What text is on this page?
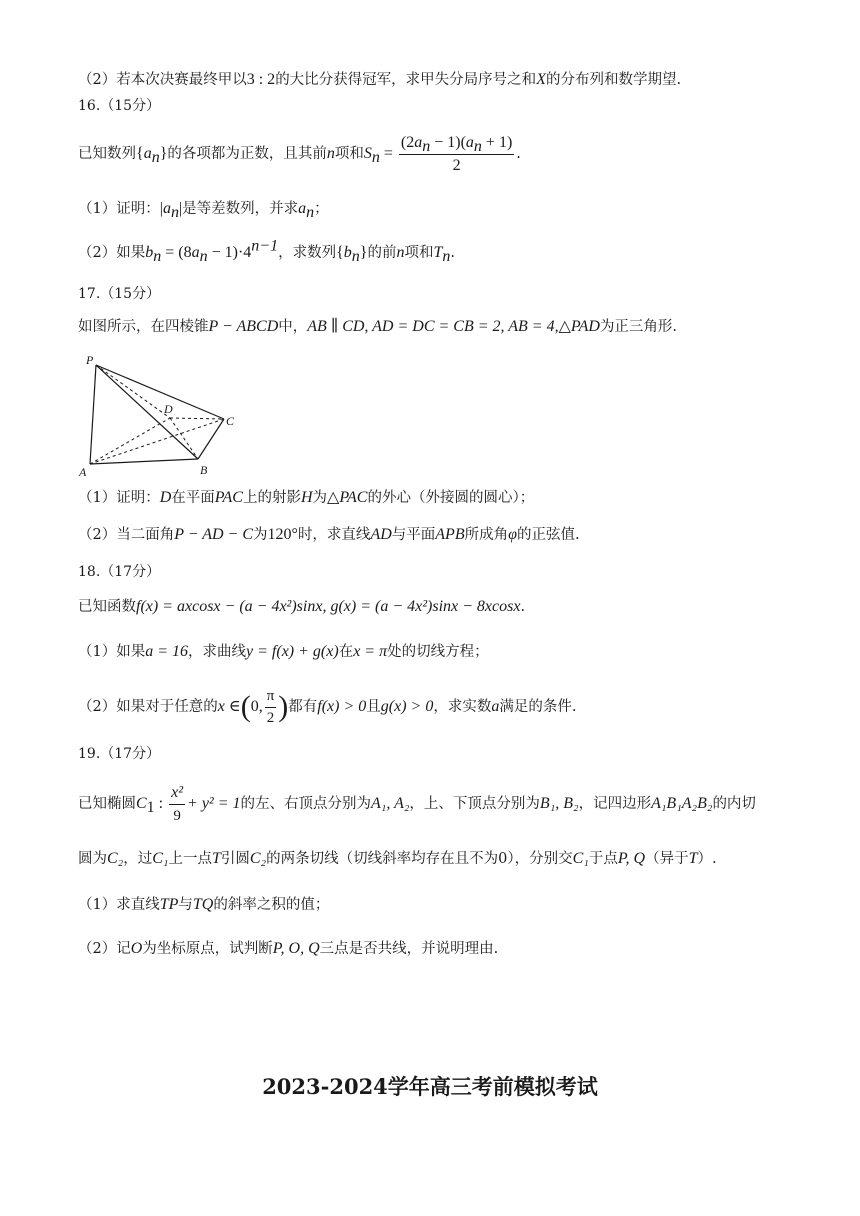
（2）若本次决赛最终甲以3 : 2的大比分获得冠军，求甲失分局序号之和X的分布列和数学期望.
16.（15分）
已知数列$\{a_n\}$的各项都为正数，且其前n项和$S_n = \frac{(2a_n - 1)(a_n + 1)}{2}$ .
（1）证明：$|a_n|$是等差数列，并求$a_n$；
（2）如果$b_n = (8a_n - 1)\cdot 4^{n-1}$，求数列$\{b_n\}$的前n项和$T_n$.
17.（15分）
如图所示，在四棱锥P − ABCD中，AB ∥ CD, AD = DC = CB = 2, AB = 4,△PAD为正三角形.
P
A	B
C
D
（1）证明：D在平面PAC上的射影H为△PAC的外心（外接圆的圆心）；
（2）当二面角P − AD − C为120°时，求直线AD与平面APB所成角φ的正弦值.
18.（17分）
已知函数f(x) = axcosx − (a − 4x²)sinx, g(x) = (a − 4x²)sinx − 8xcosx.
（1）如果a = 16，求曲线y = f(x) + g(x)在x = π处的切线方程；
（2）如果对于任意的x ∈(0, $\frac{\pi}{2}$ )都有f(x) > 0且g(x) > 0，求实数a满足的条件.
19.（17分）
已知椭圆$C_1$ : $\frac{\text{x²}}{9} + y^2 = 1$的左、右顶点分别为A₁, A₂，上、下顶点分别为B₁, B₂，记四边形A₁B₁A₂B₂的内切
圆为C₂，过C₁上一点T引圆C₂的两条切线（切线斜率均存在且不为0），分别交C₁于点P, Q（异于T）.
（1）求直线TP与TQ的斜率之积的值；
（2）记O为坐标原点，试判断P, O, Q三点是否共线，并说明理由.
2023-2024学年高三考前模拟考试
